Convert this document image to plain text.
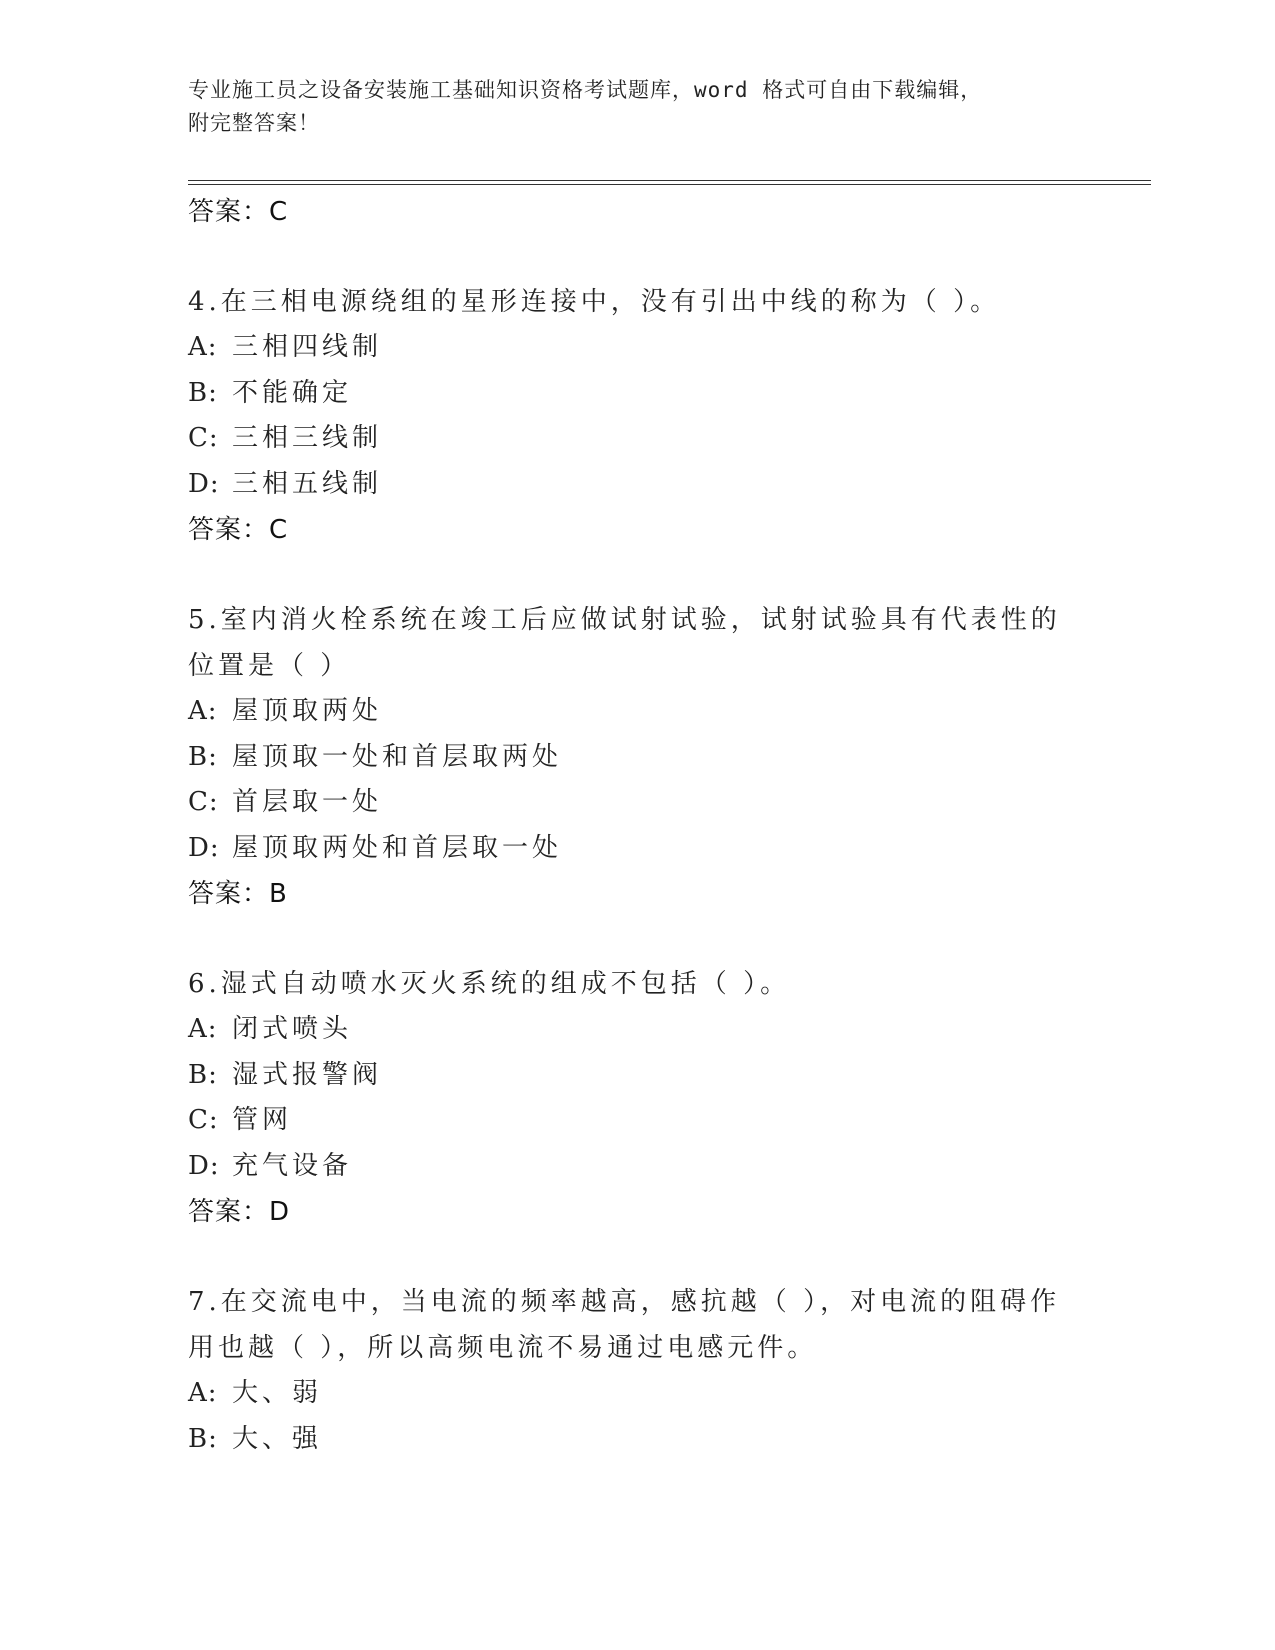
专业施工员之设备安装施工基础知识资格考试题库，word 格式可自由下载编辑，
附完整答案！
答案：C
4.在三相电源绕组的星形连接中，没有引出中线的称为（ ）。
A: 三相四线制
B: 不能确定
C: 三相三线制
D: 三相五线制
答案：C
5.室内消火栓系统在竣工后应做试射试验，试射试验具有代表性的位置是（ ）
A: 屋顶取两处
B: 屋顶取一处和首层取两处
C: 首层取一处
D: 屋顶取两处和首层取一处
答案：B
6.湿式自动喷水灭火系统的组成不包括（ ）。
A: 闭式喷头
B: 湿式报警阀
C: 管网
D: 充气设备
答案：D
7.在交流电中，当电流的频率越高，感抗越（ ），对电流的阻碍作用也越（ ），所以高频电流不易通过电感元件。
A: 大、弱
B: 大、强
